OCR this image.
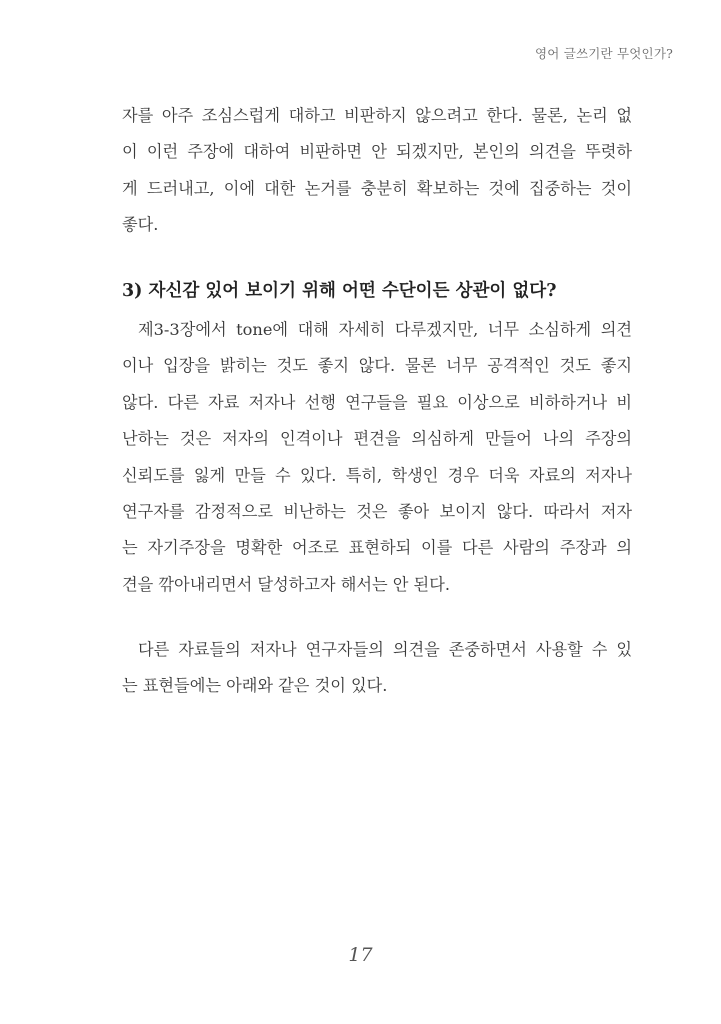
영어 글쓰기란 무엇인가?
자를 아주 조심스럽게 대하고 비판하지 않으려고 한다. 물론, 논리 없
이 이런 주장에 대하여 비판하면 안 되겠지만, 본인의 의견을 뚜렷하
게 드러내고, 이에 대한 논거를 충분히 확보하는 것에 집중하는 것이
좋다.
3) 자신감 있어 보이기 위해 어떤 수단이든 상관이 없다?
제3-3장에서 tone에 대해 자세히 다루겠지만, 너무 소심하게 의견
이나 입장을 밝히는 것도 좋지 않다. 물론 너무 공격적인 것도 좋지
않다. 다른 자료 저자나 선행 연구들을 필요 이상으로 비하하거나 비
난하는 것은 저자의 인격이나 편견을 의심하게 만들어 나의 주장의
신뢰도를 잃게 만들 수 있다. 특히, 학생인 경우 더욱 자료의 저자나
연구자를 감정적으로 비난하는 것은 좋아 보이지 않다. 따라서 저자
는 자기주장을 명확한 어조로 표현하되 이를 다른 사람의 주장과 의
견을 깎아내리면서 달성하고자 해서는 안 된다.
다른 자료들의 저자나 연구자들의 의견을 존중하면서 사용할 수 있
는 표현들에는 아래와 같은 것이 있다.
17
